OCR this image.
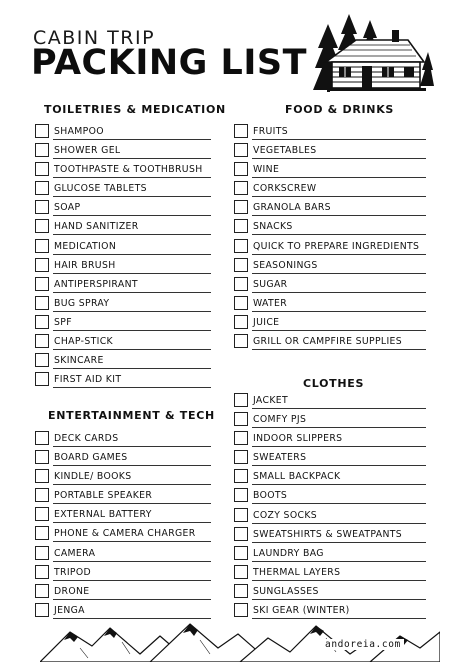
CABIN TRIP
PACKING LIST
TOILETRIES & MEDICATION
SHAMPOO
SHOWER GEL
TOOTHPASTE & TOOTHBRUSH
GLUCOSE TABLETS
SOAP
HAND SANITIZER
MEDICATION
HAIR BRUSH
ANTIPERSPIRANT
BUG SPRAY
SPF
CHAP-STICK
SKINCARE
FIRST AID KIT
ENTERTAINMENT & TECH
DECK CARDS
BOARD GAMES
KINDLE/ BOOKS
PORTABLE SPEAKER
EXTERNAL BATTERY
PHONE & CAMERA CHARGER
CAMERA
TRIPOD
DRONE
JENGA
FOOD & DRINKS
FRUITS
VEGETABLES
WINE
CORKSCREW
GRANOLA BARS
SNACKS
QUICK TO PREPARE INGREDIENTS
SEASONINGS
SUGAR
WATER
JUICE
GRILL OR CAMPFIRE SUPPLIES
CLOTHES
JACKET
COMFY PJS
INDOOR SLIPPERS
SWEATERS
SMALL BACKPACK
BOOTS
COZY SOCKS
SWEATSHIRTS & SWEATPANTS
LAUNDRY BAG
THERMAL LAYERS
SUNGLASSES
SKI GEAR (WINTER)
andoreia.com
